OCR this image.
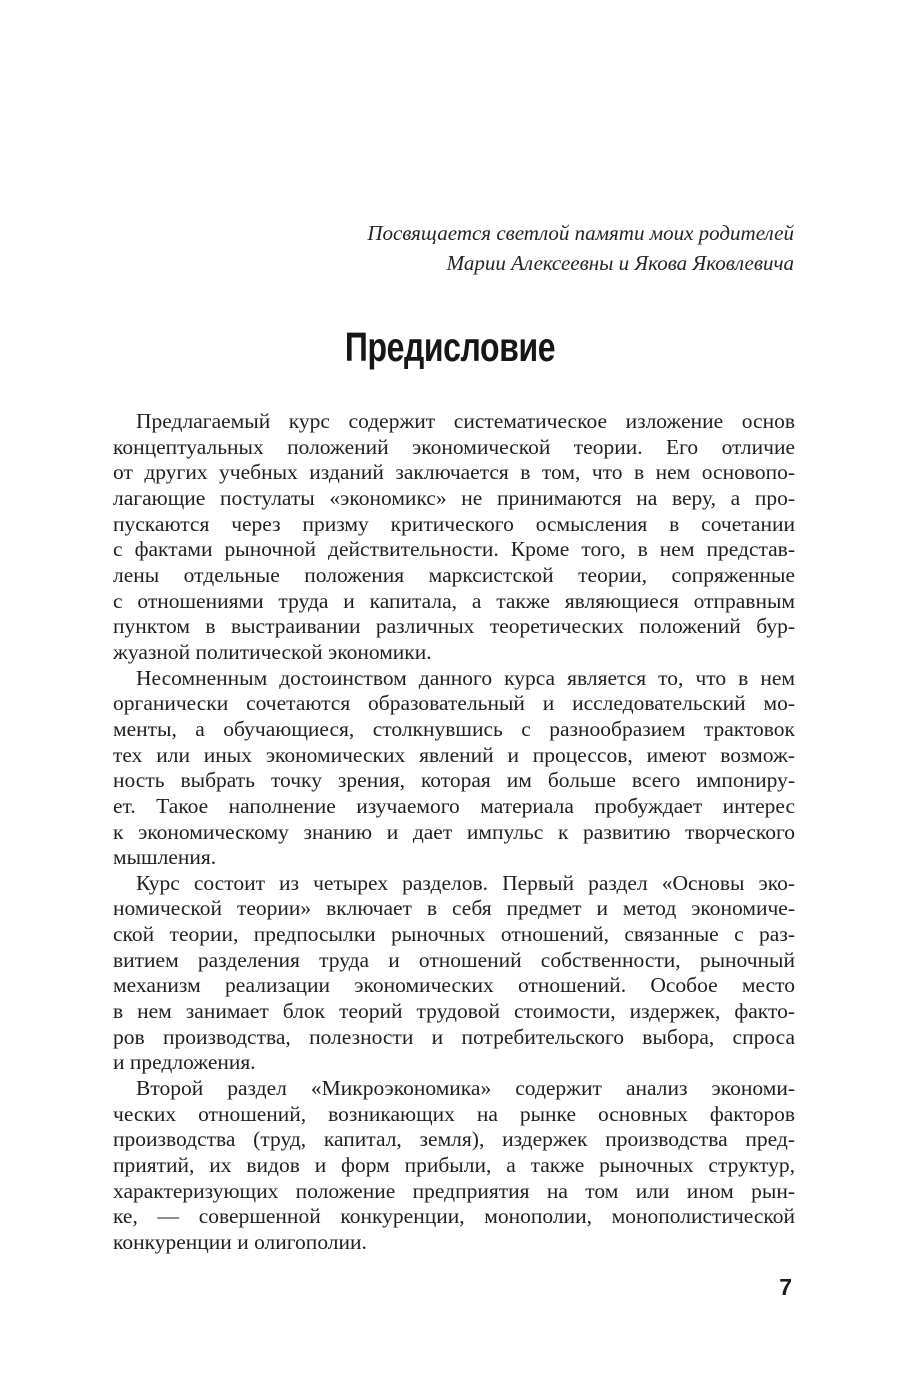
Посвящается светлой памяти моих родителей
Марии Алексеевны и Якова Яковлевича
Предисловие
Предлагаемый курс содержит систематическое изложение основ
концептуальных положений экономической теории. Его отличие
от других учебных изданий заключается в том, что в нем основопо-
лагающие постулаты «экономикс» не принимаются на веру, а про-
пускаются через призму критического осмысления в сочетании
с фактами рыночной действительности. Кроме того, в нем представ-
лены отдельные положения марксистской теории, сопряженные
с отношениями труда и капитала, а также являющиеся отправным
пунктом в выстраивании различных теоретических положений бур-
жуазной политической экономики.
Несомненным достоинством данного курса является то, что в нем
органически сочетаются образовательный и исследовательский мо-
менты, а обучающиеся, столкнувшись с разнообразием трактовок
тех или иных экономических явлений и процессов, имеют возмож-
ность выбрать точку зрения, которая им больше всего импониру-
ет. Такое наполнение изучаемого материала пробуждает интерес
к экономическому знанию и дает импульс к развитию творческого
мышления.
Курс состоит из четырех разделов. Первый раздел «Основы эко-
номической теории» включает в себя предмет и метод экономиче-
ской теории, предпосылки рыночных отношений, связанные с раз-
витием разделения труда и отношений собственности, рыночный
механизм реализации экономических отношений. Особое место
в нем занимает блок теорий трудовой стоимости, издержек, факто-
ров производства, полезности и потребительского выбора, спроса
и предложения.
Второй раздел «Микроэкономика» содержит анализ экономи-
ческих отношений, возникающих на рынке основных факторов
производства (труд, капитал, земля), издержек производства пред-
приятий, их видов и форм прибыли, а также рыночных структур,
характеризующих положение предприятия на том или ином рын-
ке, — совершенной конкуренции, монополии, монополистической
конкуренции и олигополии.
7
